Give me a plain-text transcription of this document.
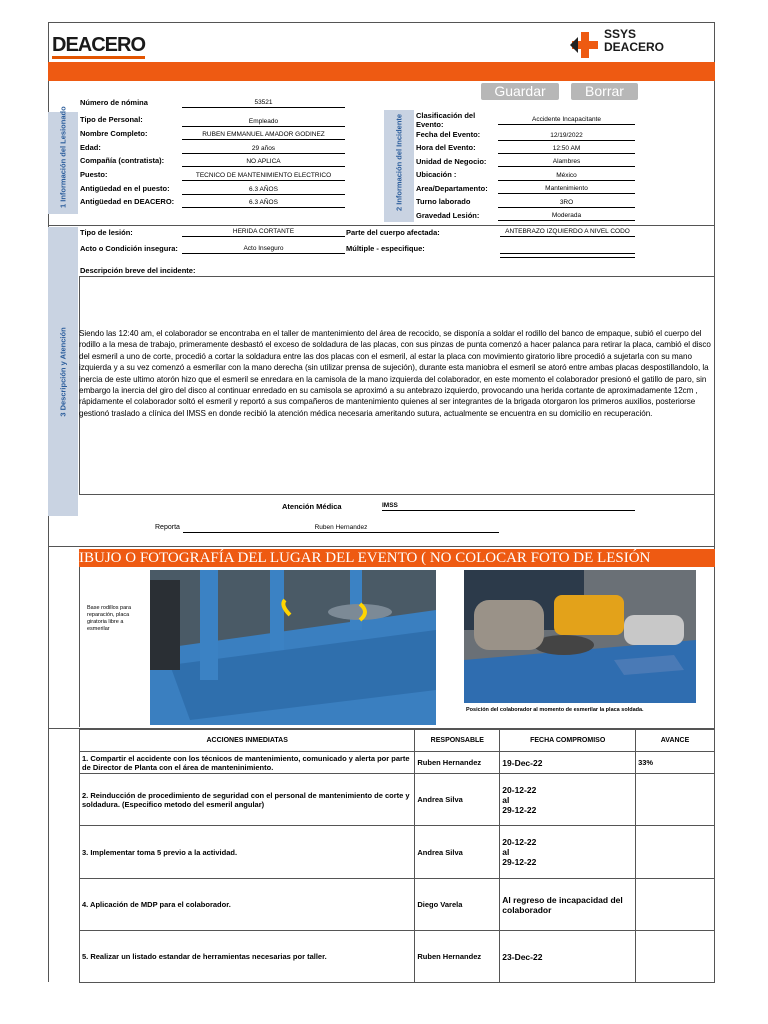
DEACERO	SSYS
DEACERO
Guardar	Borrar
1 Información del Lesionado	2 Información del Incidente
Número de nómina	53521
Tipo de Personal:	Empleado
Nombre Completo:	RUBEN EMMANUEL AMADOR GODINEZ
Edad:	29 años
Compañía (contratista):	NO APLICA
Puesto:	TECNICO DE MANTENIMIENTO ELECTRICO
Antigüedad en el puesto:	6.3 AÑOS
Antigüedad en DEACERO:	6.3 AÑOS
Clasificación del Evento:
Accidente Incapacitante
Fecha del Evento:	12/19/2022
Hora del Evento:	12:50 AM
Unidad de Negocio:	Alambres
Ubicación :	México
Area/Departamento:	Mantenimiento
Turno laborado	3RO
Gravedad Lesión:	Moderada
3 Descripción y Atención
Tipo de lesión:	HERIDA CORTANTE	Parte del cuerpo afectada:	ANTEBRAZO IZQUIERDO A NIVEL CODO
Acto o Condición insegura:	Acto Inseguro	Múltiple - especifique:
Descripción breve del incidente:
Siendo las 12:40 am, el colaborador se encontraba en el taller de mantenimiento del área de recocido, se disponía a soldar el rodillo del banco de empaque, subió el cuerpo del rodillo a la mesa de trabajo, primeramente desbastó el exceso de soldadura de las placas, con sus pinzas de punta comenzó a hacer palanca para retirar la placa, cambió el disco del esmeril a uno de corte, procedió a cortar la soldadura entre las dos placas con el esmeril, al estar la placa con movimiento giratorio libre procedió a sujetarla con su mano izquierda y a su vez comenzó a esmerilar con la mano derecha (sin utilizar prensa de sujeción), durante esta maniobra el esmeril se atoró entre ambas placas despostillandolo, la inercia de este ultimo atorón hizo que el esmeril se enredara en la camisola de la mano izquierda del colaborador, en este momento el colaborador presionó el gatillo de paro, sin embargo la inercia del giro del disco al continuar enredado en su camisola se aproximó a su antebrazo izquierdo, provocando una herida cortante de aproximadamente 12cm , rápidamente el colaborador soltó el esmeril y reportó a sus compañeros de mantenimiento quienes al ser integrantes de la brigada otorgaron los primeros auxilios, posteriorse gestionó traslado a clínica del IMSS en donde recibió la atención médica necesaria ameritando sutura, actualmente se encuentra en su domicilio en recuperación.
Atención Médica	IMSS
Reporta	Ruben Hernandez
IBUJO O FOTOGRAFÍA DEL LUGAR DEL EVENTO ( NO COLOCAR FOTO DE LESIÓN
Base rodillos para reparación, placa giratoria libre a esmerilar
Posición del colaborador al momento de esmerilar la placa soldada.
ACCIONES INMEDIATAS	RESPONSABLE	FECHA COMPROMISO	AVANCE
1. Compartir el accidente con los técnicos de mantenimiento, comunicado y alerta por parte de Director de Planta con el área de manteninimiento.	Ruben Hernandez	19-Dec-22	33%
2. Reinducción de procedimiento de seguridad con el personal de mantenimiento de corte y soldadura. (Especifico metodo del esmeril angular)	Andrea Silva	20-12-22
al
29-12-22	
3. Implementar toma 5 previo a la actividad.	Andrea Silva	20-12-22
al
29-12-22	
4. Aplicación de MDP para el colaborador.	Diego Varela	Al regreso de incapacidad del colaborador	
5. Realizar un listado estandar de herramientas necesarias por taller.	Ruben Hernandez	23-Dec-22	
